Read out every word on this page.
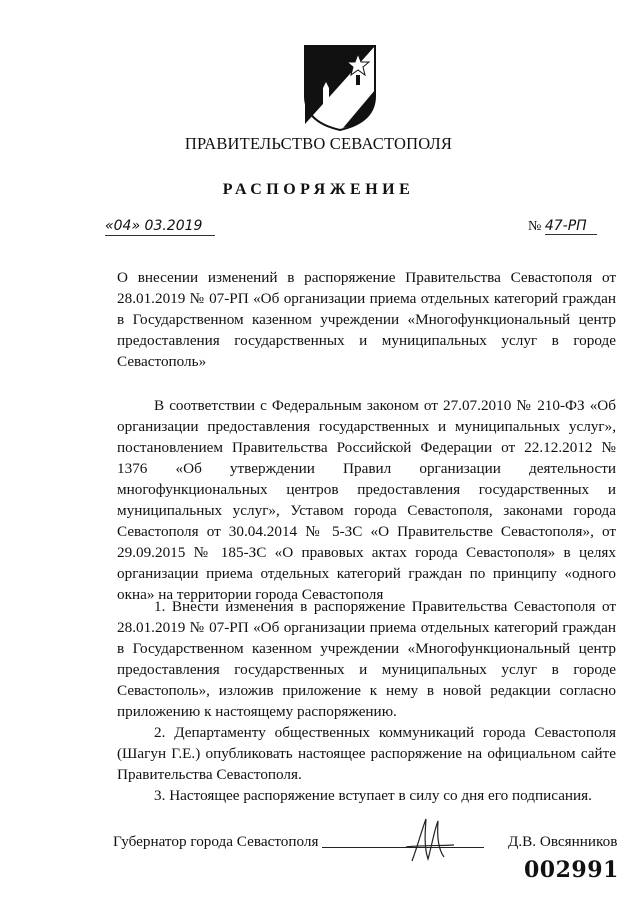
ПРАВИТЕЛЬСТВО СЕВАСТОПОЛЯ
РАСПОРЯЖЕНИЕ
«04» 03.2019	№ 47-РП
О внесении изменений в распоряжение Правительства Севастополя от 28.01.2019 № 07-РП «Об организации приема отдельных категорий граждан в Государственном казенном учреждении «Многофункциональный центр предоставления государственных и муниципальных услуг в городе Севастополь»
В соответствии с Федеральным законом от 27.07.2010 № 210-ФЗ «Об организации предоставления государственных и муниципальных услуг», постановлением Правительства Российской Федерации от 22.12.2012 № 1376 «Об утверждении Правил организации деятельности многофункциональных центров предоставления государственных и муниципальных услуг», Уставом города Севастополя, законами города Севастополя от 30.04.2014 № 5-ЗС «О Правительстве Севастополя», от 29.09.2015 № 185-ЗС «О правовых актах города Севастополя» в целях организации приема отдельных категорий граждан по принципу «одного окна» на территории города Севастополя

1. Внести изменения в распоряжение Правительства Севастополя от 28.01.2019 № 07-РП «Об организации приема отдельных категорий граждан в Государственном казенном учреждении «Многофункциональный центр предоставления государственных и муниципальных услуг в городе Севастополь», изложив приложение к нему в новой редакции согласно приложению к настоящему распоряжению.

2. Департаменту общественных коммуникаций города Севастополя (Шагун Г.Е.) опубликовать настоящее распоряжение на официальном сайте Правительства Севастополя.

3. Настоящее распоряжение вступает в силу со дня его подписания.

Губернатор города Севастополя	Д.В. Овсянников
002991
